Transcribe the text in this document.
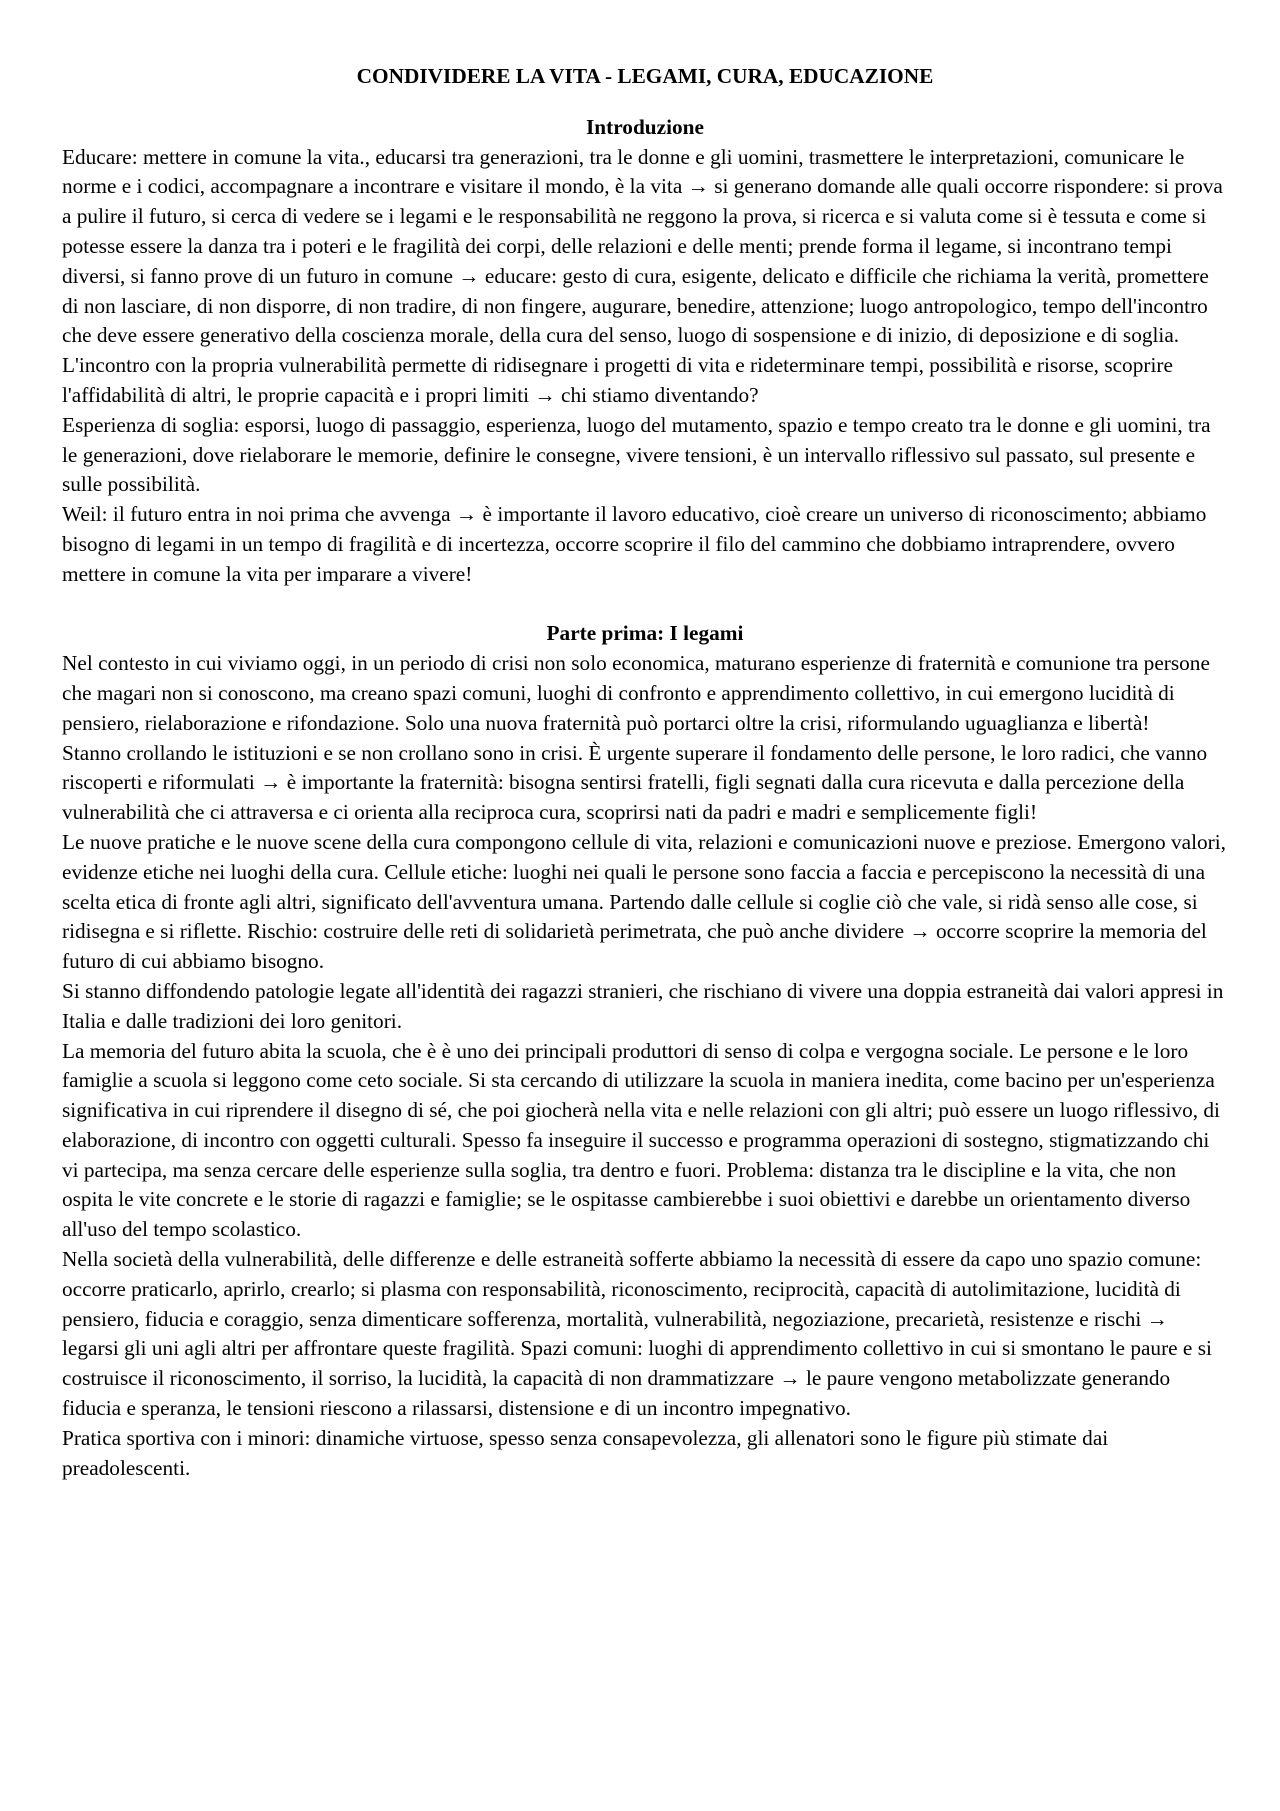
CONDIVIDERE LA VITA - LEGAMI, CURA, EDUCAZIONE
Introduzione

Educare: mettere in comune la vita., educarsi tra generazioni, tra le donne e gli uomini, trasmettere le interpretazioni, comunicare le norme e i codici, accompagnare a incontrare e visitare il mondo, è la vita → si generano domande alle quali occorre rispondere: si prova a pulire il futuro, si cerca di vedere se i legami e le responsabilità ne reggono la prova, si ricerca e si valuta come si è tessuta e come si potesse essere la danza tra i poteri e le fragilità dei corpi, delle relazioni e delle menti; prende forma il legame, si incontrano tempi diversi, si fanno prove di un futuro in comune → educare: gesto di cura, esigente, delicato e difficile che richiama la verità, promettere di non lasciare, di non disporre, di non tradire, di non fingere, augurare, benedire, attenzione; luogo antropologico, tempo dell'incontro che deve essere generativo della coscienza morale, della cura del senso, luogo di sospensione e di inizio, di deposizione e di soglia.

L'incontro con la propria vulnerabilità permette di ridisegnare i progetti di vita e rideterminare tempi, possibilità e risorse, scoprire l'affidabilità di altri, le proprie capacità e i propri limiti → chi stiamo diventando?

Esperienza di soglia: esporsi, luogo di passaggio, esperienza, luogo del mutamento, spazio e tempo creato tra le donne e gli uomini, tra le generazioni, dove rielaborare le memorie, definire le consegne, vivere tensioni, è un intervallo riflessivo sul passato, sul presente e sulle possibilità.

Weil: il futuro entra in noi prima che avvenga → è importante il lavoro educativo, cioè creare un universo di riconoscimento; abbiamo bisogno di legami in un tempo di fragilità e di incertezza, occorre scoprire il filo del cammino che dobbiamo intraprendere, ovvero mettere in comune la vita per imparare a vivere!

Parte prima: I legami

Nel contesto in cui viviamo oggi, in un periodo di crisi non solo economica, maturano esperienze di fraternità e comunione tra persone che magari non si conoscono, ma creano spazi comuni, luoghi di confronto e apprendimento collettivo, in cui emergono lucidità di pensiero, rielaborazione e rifondazione. Solo una nuova fraternità può portarci oltre la crisi, riformulando uguaglianza e libertà!

Stanno crollando le istituzioni e se non crollano sono in crisi. È urgente superare il fondamento delle persone, le loro radici, che vanno riscoperti e riformulati → è importante la fraternità: bisogna sentirsi fratelli, figli segnati dalla cura ricevuta e dalla percezione della vulnerabilità che ci attraversa e ci orienta alla reciproca cura, scoprirsi nati da padri e madri e semplicemente figli!

Le nuove pratiche e le nuove scene della cura compongono cellule di vita, relazioni e comunicazioni nuove e preziose. Emergono valori, evidenze etiche nei luoghi della cura. Cellule etiche: luoghi nei quali le persone sono faccia a faccia e percepiscono la necessità di una scelta etica di fronte agli altri, significato dell'avventura umana. Partendo dalle cellule si coglie ciò che vale, si ridà senso alle cose, si ridisegna e si riflette. Rischio: costruire delle reti di solidarietà perimetrata, che può anche dividere → occorre scoprire la memoria del futuro di cui abbiamo bisogno.

Si stanno diffondendo patologie legate all'identità dei ragazzi stranieri, che rischiano di vivere una doppia estraneità dai valori appresi in Italia e dalle tradizioni dei loro genitori.

La memoria del futuro abita la scuola, che è è uno dei principali produttori di senso di colpa e vergogna sociale. Le persone e le loro famiglie a scuola si leggono come ceto sociale. Si sta cercando di utilizzare la scuola in maniera inedita, come bacino per un'esperienza significativa in cui riprendere il disegno di sé, che poi giocherà nella vita e nelle relazioni con gli altri; può essere un luogo riflessivo, di elaborazione, di incontro con oggetti culturali. Spesso fa inseguire il successo e programma operazioni di sostegno, stigmatizzando chi vi partecipa, ma senza cercare delle esperienze sulla soglia, tra dentro e fuori. Problema: distanza tra le discipline e la vita, che non ospita le vite concrete e le storie di ragazzi e famiglie; se le ospitasse cambierebbe i suoi obiettivi e darebbe un orientamento diverso all'uso del tempo scolastico.

Nella società della vulnerabilità, delle differenze e delle estraneità sofferte abbiamo la necessità di essere da capo uno spazio comune: occorre praticarlo, aprirlo, crearlo; si plasma con responsabilità, riconoscimento, reciprocità, capacità di autolimitazione, lucidità di pensiero, fiducia e coraggio, senza dimenticare sofferenza, mortalità, vulnerabilità, negoziazione, precarietà, resistenze e rischi → legarsi gli uni agli altri per affrontare queste fragilità. Spazi comuni: luoghi di apprendimento collettivo in cui si smontano le paure e si costruisce il riconoscimento, il sorriso, la lucidità, la capacità di non drammatizzare → le paure vengono metabolizzate generando fiducia e speranza, le tensioni riescono a rilassarsi, distensione e di un incontro impegnativo.

Pratica sportiva con i minori: dinamiche virtuose, spesso senza consapevolezza, gli allenatori sono le figure più stimate dai preadolescenti.
